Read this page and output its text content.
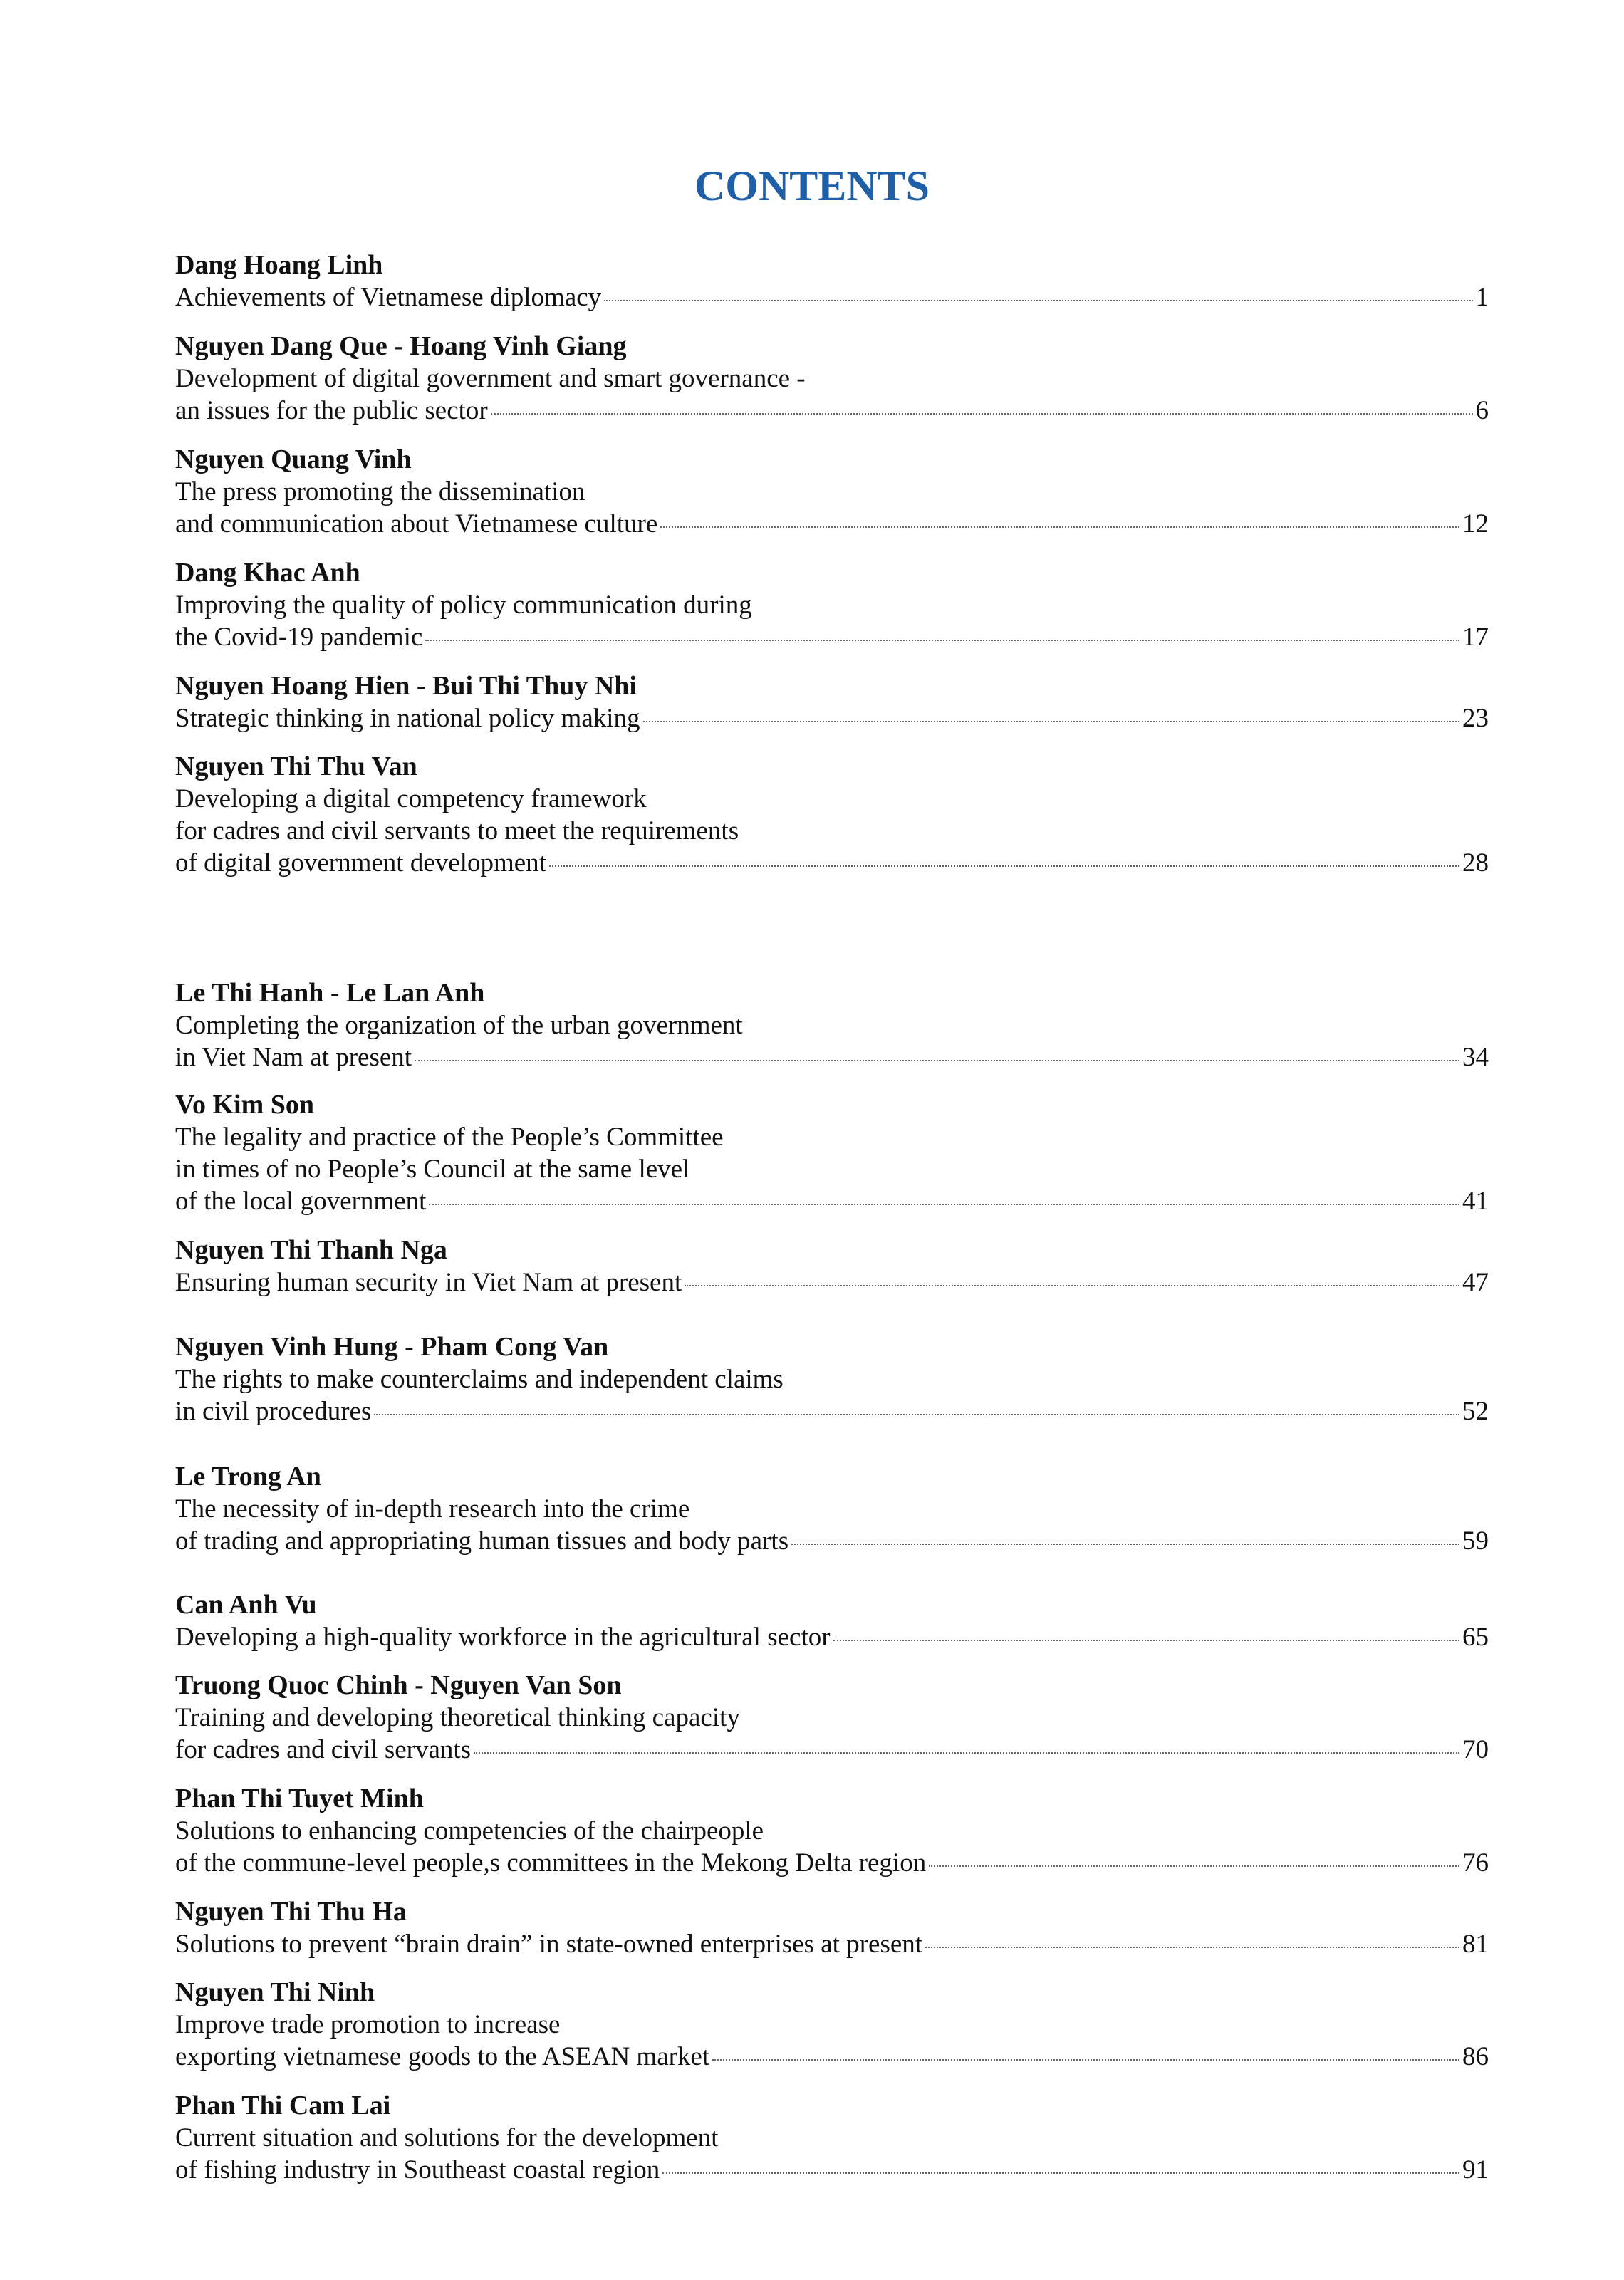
CONTENTS
Dang Hoang Linh
Achievements of Vietnamese diplomacy	1
Nguyen Dang Que - Hoang Vinh Giang
Development of digital government and smart governance -
an issues for the public sector	6
Nguyen Quang Vinh
The press promoting the dissemination
and communication about Vietnamese culture	12
Dang Khac Anh
Improving the quality of policy communication during
the Covid-19 pandemic	17
Nguyen Hoang Hien - Bui Thi Thuy Nhi
Strategic thinking in national policy making	23
Nguyen Thi Thu Van
Developing a digital competency framework
for cadres and civil servants to meet the requirements
of digital government development	28
Le Thi Hanh - Le Lan Anh
Completing the organization of the urban government
in Viet Nam at present	34
Vo Kim Son
The legality and practice of the People’s Committee
in times of no People’s Council at the same level
of the local government	41
Nguyen Thi Thanh Nga
Ensuring human security in Viet Nam at present	47
Nguyen Vinh Hung - Pham Cong Van
The rights to make counterclaims and independent claims
in civil procedures	52
Le Trong An
The necessity of in-depth research into the crime
of trading and appropriating human tissues and body parts	59
Can Anh Vu
Developing a high-quality workforce in the agricultural sector	65
Truong Quoc Chinh - Nguyen Van Son
Training and developing theoretical thinking capacity
for cadres and civil servants	70
Phan Thi Tuyet Minh
Solutions to enhancing competencies of the chairpeople
of the commune-level people,s committees in the Mekong Delta region	76
Nguyen Thi Thu Ha
Solutions to prevent “brain drain” in state-owned enterprises at present	81
Nguyen Thi Ninh
Improve trade promotion to increase
exporting vietnamese goods to the ASEAN market	86
Phan Thi Cam Lai
Current situation and solutions for the development
of fishing industry in Southeast coastal region	91
